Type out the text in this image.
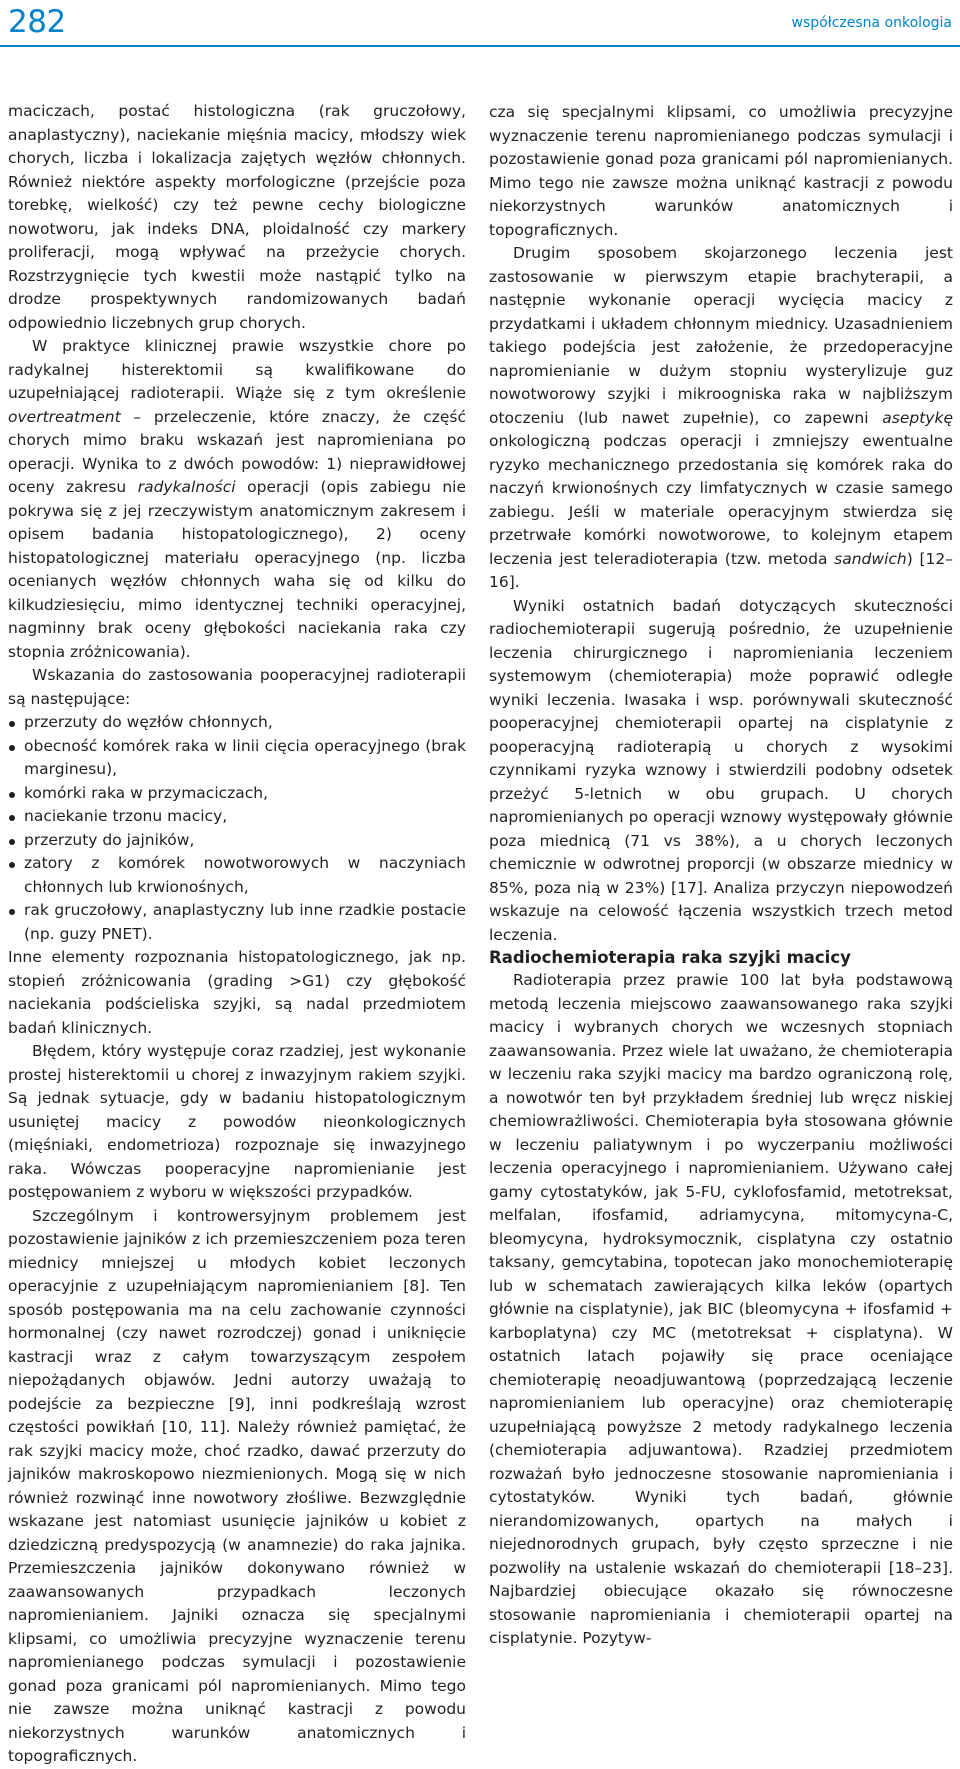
282	współczesna onkologia

maciczach, postać histologiczna (rak gruczołowy, anaplastyczny), naciekanie mięśnia macicy, młodszy wiek chorych, liczba i lokalizacja zajętych węzłów chłonnych. Również niektóre aspekty morfologiczne (przejście poza torebkę, wielkość) czy też pewne cechy biologiczne nowotworu, jak indeks DNA, ploidalność czy markery proliferacji, mogą wpływać na przeżycie chorych. Rozstrzygnięcie tych kwestii może nastąpić tylko na drodze prospektywnych randomizowanych badań odpowiednio liczebnych grup chorych.

W praktyce klinicznej prawie wszystkie chore po radykalnej histerektomii są kwalifikowane do uzupełniającej radioterapii. Wiąże się z tym określenie overtreatment – przeleczenie, które znaczy, że część chorych mimo braku wskazań jest napromieniana po operacji. Wynika to z dwóch powodów: 1) nieprawidłowej oceny zakresu radykalności operacji (opis zabiegu nie pokrywa się z jej rzeczywistym anatomicznym zakresem i opisem badania histopatologicznego), 2) oceny histopatologicznej materiału operacyjnego (np. liczba ocenianych węzłów chłonnych waha się od kilku do kilkudziesięciu, mimo identycznej techniki operacyjnej, nagminny brak oceny głębokości naciekania raka czy stopnia zróżnicowania).

Wskazania do zastosowania pooperacyjnej radioterapii są następujące:

przerzuty do węzłów chłonnych,
obecność komórek raka w linii cięcia operacyjnego (brak marginesu),
komórki raka w przymaciczach,
naciekanie trzonu macicy,
przerzuty do jajników,
zatory z komórek nowotworowych w naczyniach chłonnych lub krwionośnych,
rak gruczołowy, anaplastyczny lub inne rzadkie postacie (np. guzy PNET).

Inne elementy rozpoznania histopatologicznego, jak np. stopień zróżnicowania (grading >G1) czy głębokość naciekania podścieliska szyjki, są nadal przedmiotem badań klinicznych.

Błędem, który występuje coraz rzadziej, jest wykonanie prostej histerektomii u chorej z inwazyjnym rakiem szyjki. Są jednak sytuacje, gdy w badaniu histopatologicznym usuniętej macicy z powodów nieonkologicznych (mięśniaki, endometrioza) rozpoznaje się inwazyjnego raka. Wówczas pooperacyjne napromienianie jest postępowaniem z wyboru w większości przypadków.

Szczególnym i kontrowersyjnym problemem jest pozostawienie jajników z ich przemieszczeniem poza teren miednicy mniejszej u młodych kobiet leczonych operacyjnie z uzupełniającym napromienianiem [8]. Ten sposób postępowania ma na celu zachowanie czynności hormonalnej (czy nawet rozrodczej) gonad i uniknięcie kastracji wraz z całym towarzyszącym zespołem niepożądanych objawów. Jedni autorzy uważają to podejście za bezpieczne [9], inni podkreślają wzrost częstości powikłań [10, 11]. Należy również pamiętać, że rak szyjki macicy może, choć rzadko, dawać przerzuty do jajników makroskopowo niezmienionych. Mogą się w nich również rozwinąć inne nowotwory złośliwe. Bezwzględnie wskazane jest natomiast usunięcie jajników u kobiet z dziedziczną predyspozycją (w anamnezie) do raka jajnika. Przemieszczenia jajników dokonywano również w zaawansowanych przypadkach leczonych napromienianiem. Jajniki oznacza się specjalnymi klipsami, co umożliwia precyzyjne wyznaczenie terenu napromienianego podczas symulacji i pozostawienie gonad poza granicami pól napromienianych. Mimo tego nie zawsze można uniknąć kastracji z powodu niekorzystnych warunków anatomicznych i topograficznych.

cza się specjalnymi klipsami, co umożliwia precyzyjne wyznaczenie terenu napromienianego podczas symulacji i pozostawienie gonad poza granicami pól napromienianych. Mimo tego nie zawsze można uniknąć kastracji z powodu niekorzystnych warunków anatomicznych i topograficznych.

Drugim sposobem skojarzonego leczenia jest zastosowanie w pierwszym etapie brachyterapii, a następnie wykonanie operacji wycięcia macicy z przydatkami i układem chłonnym miednicy. Uzasadnieniem takiego podejścia jest założenie, że przedoperacyjne napromienianie w dużym stopniu wysterylizuje guz nowotworowy szyjki i mikroogniska raka w najbliższym otoczeniu (lub nawet zupełnie), co zapewni aseptykę onkologiczną podczas operacji i zmniejszy ewentualne ryzyko mechanicznego przedostania się komórek raka do naczyń krwionośnych czy limfatycznych w czasie samego zabiegu. Jeśli w materiale operacyjnym stwierdza się przetrwałe komórki nowotworowe, to kolejnym etapem leczenia jest teleradioterapia (tzw. metoda sandwich) [12–16].

Wyniki ostatnich badań dotyczących skuteczności radiochemioterapii sugerują pośrednio, że uzupełnienie leczenia chirurgicznego i napromieniania leczeniem systemowym (chemioterapia) może poprawić odległe wyniki leczenia. Iwasaka i wsp. porównywali skuteczność pooperacyjnej chemioterapii opartej na cisplatynie z pooperacyjną radioterapią u chorych z wysokimi czynnikami ryzyka wznowy i stwierdzili podobny odsetek przeżyć 5-letnich w obu grupach. U chorych napromienianych po operacji wznowy występowały głównie poza miednicą (71 vs 38%), a u chorych leczonych chemicznie w odwrotnej proporcji (w obszarze miednicy w 85%, poza nią w 23%) [17]. Analiza przyczyn niepowodzeń wskazuje na celowość łączenia wszystkich trzech metod leczenia.

Radiochemioterapia raka szyjki macicy

Radioterapia przez prawie 100 lat była podstawową metodą leczenia miejscowo zaawansowanego raka szyjki macicy i wybranych chorych we wczesnych stopniach zaawansowania. Przez wiele lat uważano, że chemioterapia w leczeniu raka szyjki macicy ma bardzo ograniczoną rolę, a nowotwór ten był przykładem średniej lub wręcz niskiej chemiowrażliwości. Chemioterapia była stosowana głównie w leczeniu paliatywnym i po wyczerpaniu możliwości leczenia operacyjnego i napromienianiem. Używano całej gamy cytostatyków, jak 5-FU, cyklofosfamid, metotreksat, melfalan, ifosfamid, adriamycyna, mitomycyna-C, bleomycyna, hydroksymocznik, cisplatyna czy ostatnio taksany, gemcytabina, topotecan jako monochemioterapię lub w schematach zawierających kilka leków (opartych głównie na cisplatynie), jak BIC (bleomycyna + ifosfamid + karboplatyna) czy MC (metotreksat + cisplatyna). W ostatnich latach pojawiły się prace oceniające chemioterapię neoadjuwantową (poprzedzającą leczenie napromienianiem lub operacyjne) oraz chemioterapię uzupełniającą powyższe 2 metody radykalnego leczenia (chemioterapia adjuwantowa). Rzadziej przedmiotem rozważań było jednoczesne stosowanie napromieniania i cytostatyków. Wyniki tych badań, głównie nierandomizowanych, opartych na małych i niejednorodnych grupach, były często sprzeczne i nie pozwoliły na ustalenie wskazań do chemioterapii [18–23]. Najbardziej obiecujące okazało się równoczesne stosowanie napromieniania i chemioterapii opartej na cisplatynie. Pozytyw-
